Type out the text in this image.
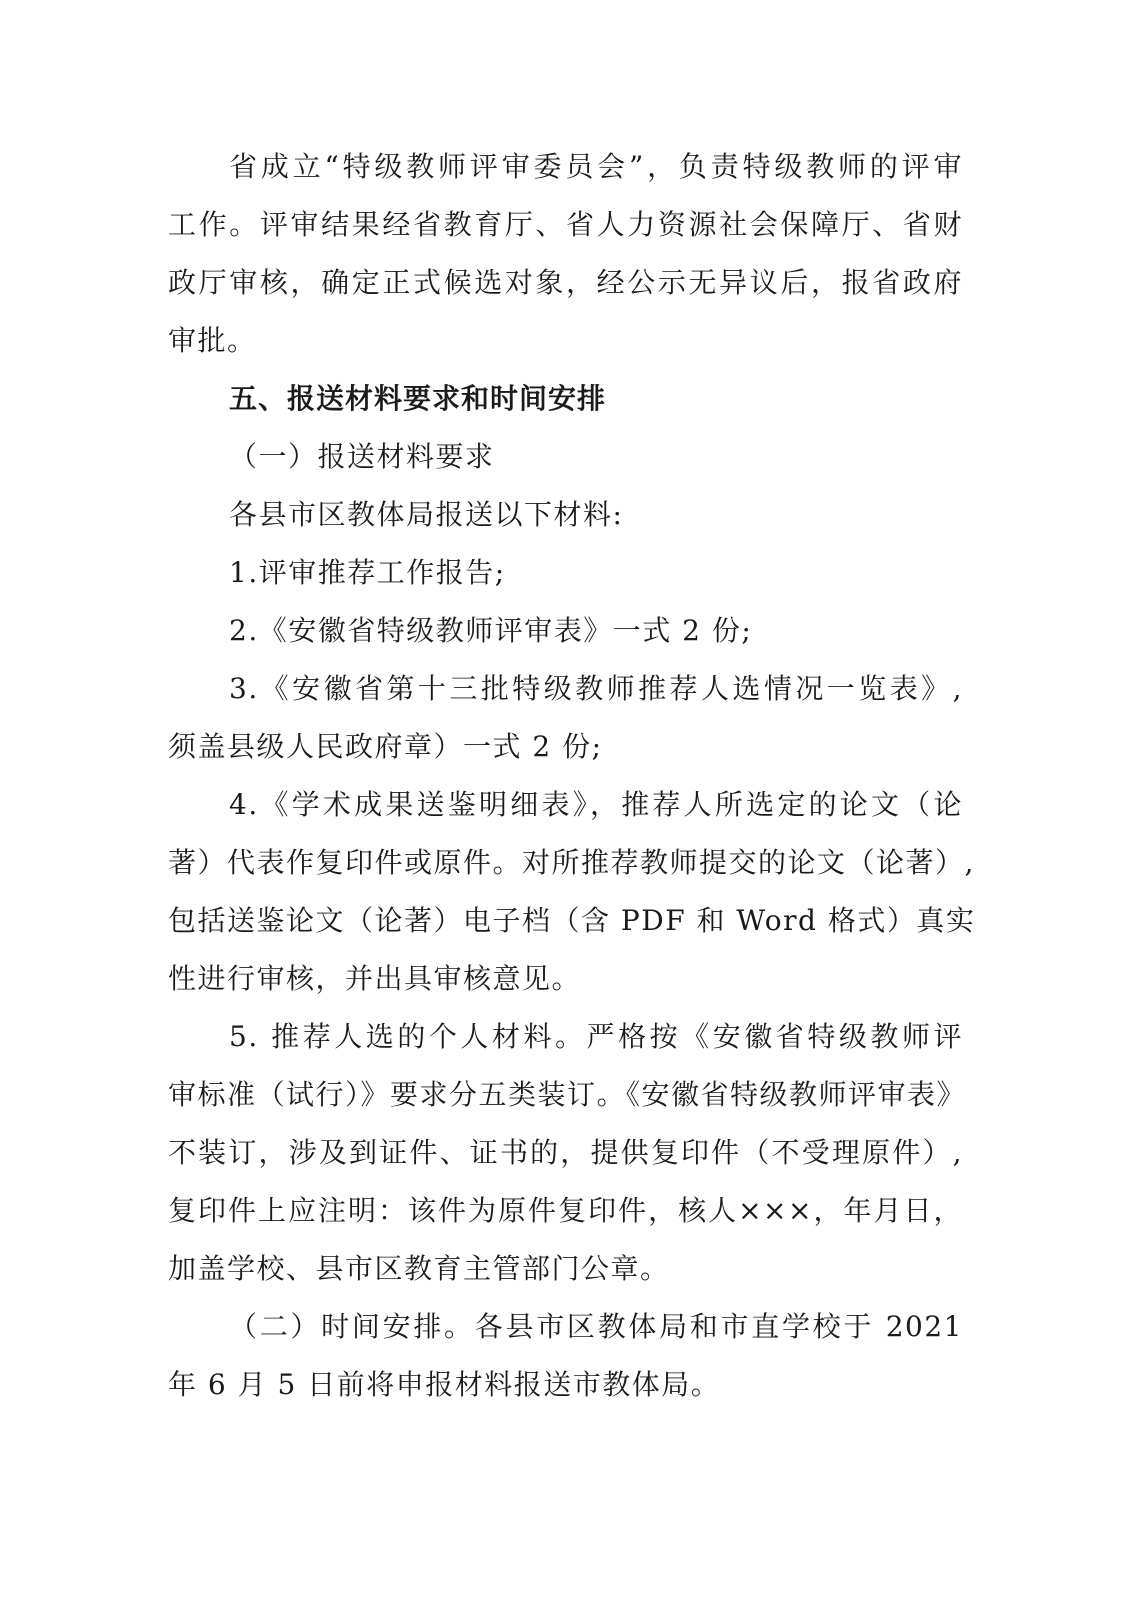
省成立“特级教师评审委员会”，负责特级教师的评审
工作。评审结果经省教育厅、省人力资源社会保障厅、省财
政厅审核，确定正式候选对象，经公示无异议后，报省政府
审批。
五、报送材料要求和时间安排
（一）报送材料要求
各县市区教体局报送以下材料:
1.评审推荐工作报告;
2.《安徽省特级教师评审表》一式 2 份;
3.《安徽省第十三批特级教师推荐人选情况一览表》,
须盖县级人民政府章）一式 2 份;
4.《学术成果送鉴明细表》，推荐人所选定的论文（论
著）代表作复印件或原件。对所推荐教师提交的论文（论著）,
包括送鉴论文（论著）电子档（含 PDF 和 Word 格式）真实
性进行审核，并出具审核意见。
5. 推荐人选的个人材料。严格按《安徽省特级教师评
审标准（试行）》要求分五类装订。《安徽省特级教师评审表》
不装订，涉及到证件、证书的，提供复印件（不受理原件）,
复印件上应注明：该件为原件复印件，核人×××，年月日，
加盖学校、县市区教育主管部门公章。
（二）时间安排。各县市区教体局和市直学校于 2021
年 6 月 5 日前将申报材料报送市教体局。
